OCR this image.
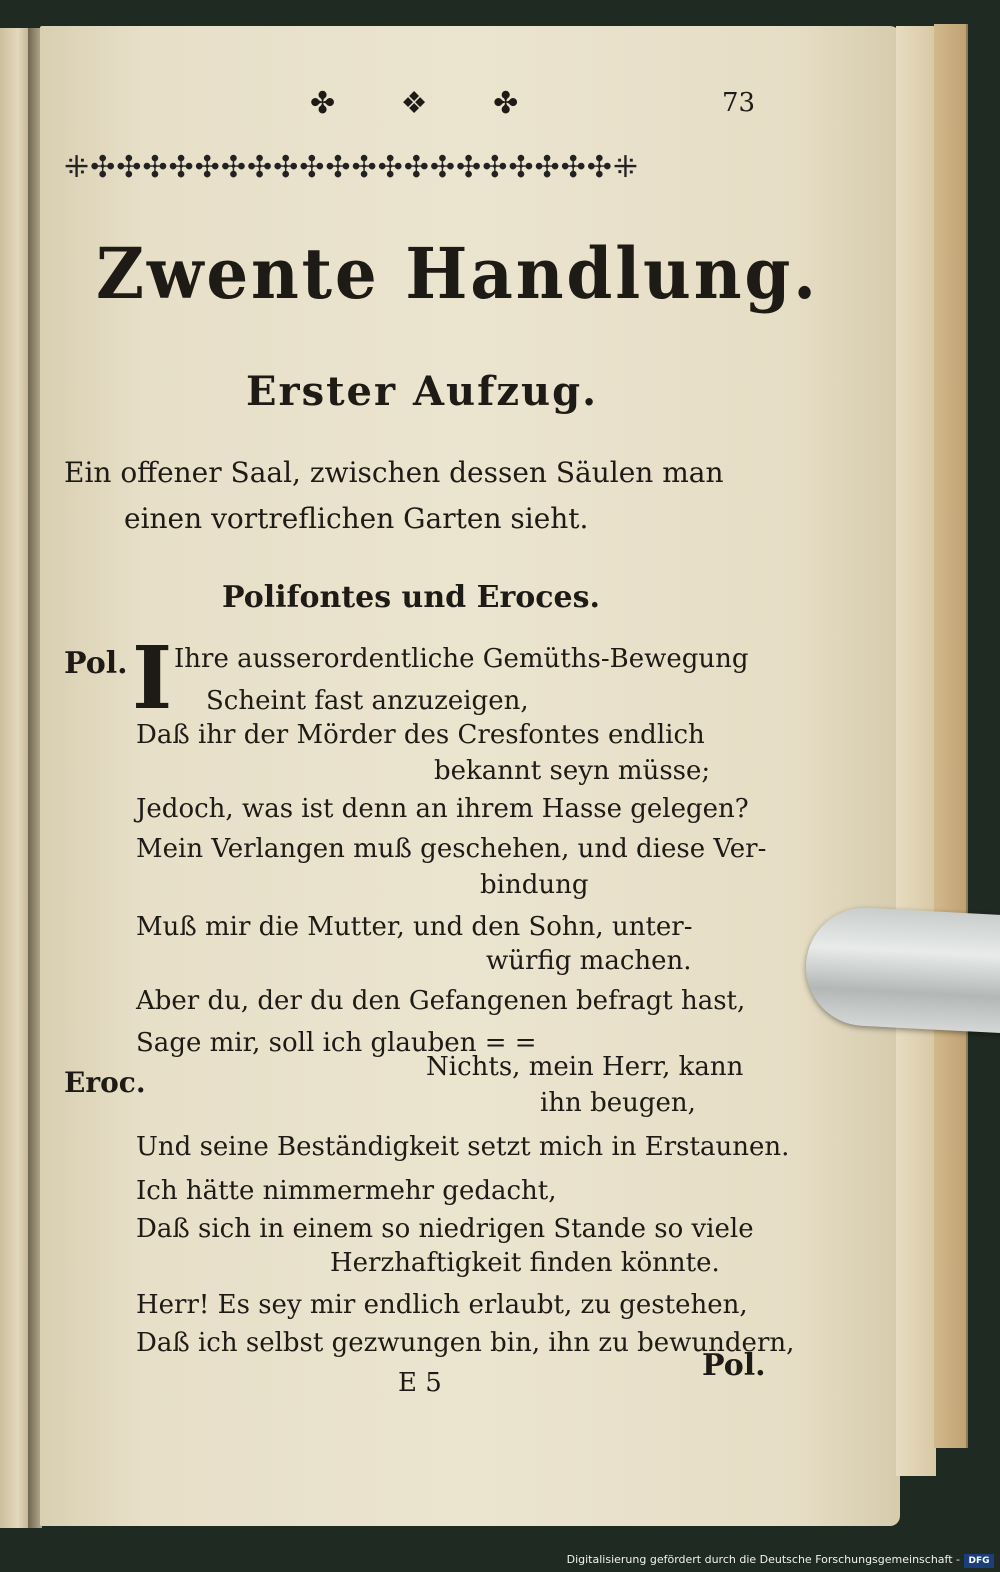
✤ ❖ ✤	73
⁜✣✣✣✣✣✣✣✣✣✣✣✣✣✣✣✣✣✣✣✣⁜
Zwente Handlung.
Erster Aufzug.
Ein offener Saal, zwischen dessen Säulen man
einen vortreflichen Garten sieht.
Polifontes und Eroces.
Pol. I Ihre ausserordentliche Gemüths-Bewegung
Scheint fast anzuzeigen,
Daß ihr der Mörder des Cresfontes endlich
bekannt seyn müsse;
Jedoch, was ist denn an ihrem Hasse gelegen?
Mein Verlangen muß geschehen, und diese Ver-
bindung
Muß mir die Mutter, und den Sohn, unter-
würfig machen.
Aber du, der du den Gefangenen befragt hast,
Sage mir, soll ich glauben = =
Eroc.	Nichts, mein Herr, kann
ihn beugen,
Und seine Beständigkeit setzt mich in Erstaunen.
Ich hätte nimmermehr gedacht,
Daß sich in einem so niedrigen Stande so viele
Herzhaftigkeit finden könnte.
Herr! Es sey mir endlich erlaubt, zu gestehen,
Daß ich selbst gezwungen bin, ihn zu bewundern,
E 5	Pol.
Digitalisierung gefördert durch die Deutsche Forschungsgemeinschaft - DFG
